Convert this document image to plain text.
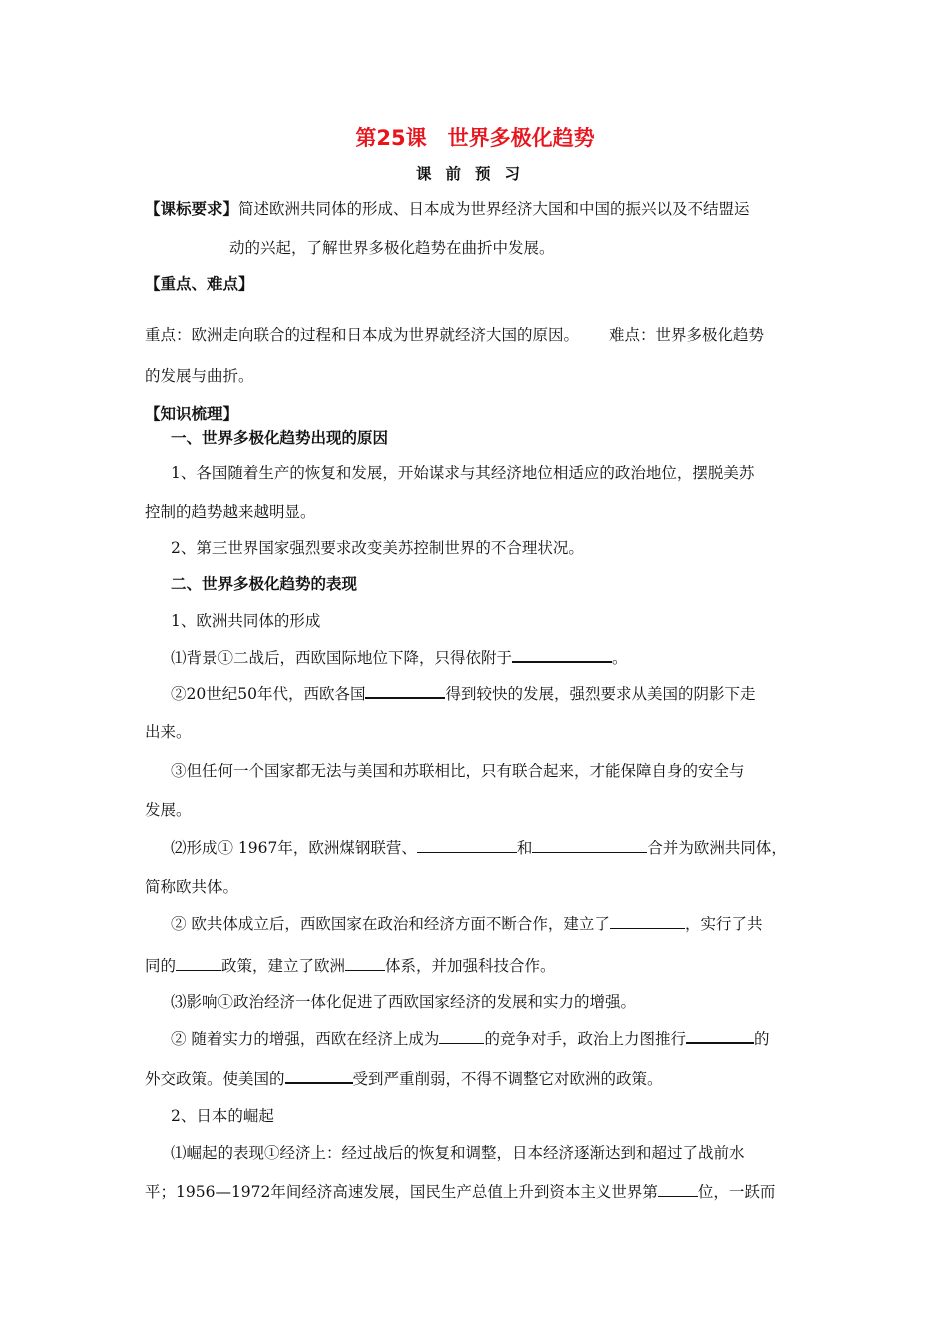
第25课　世界多极化趋势
课前预习
【课标要求】简述欧洲共同体的形成、日本成为世界经济大国和中国的振兴以及不结盟运
动的兴起，了解世界多极化趋势在曲折中发展。
【重点、难点】
重点：欧洲走向联合的过程和日本成为世界就经济大国的原因。 难点：世界多极化趋势
的发展与曲折。
【知识梳理】
一、世界多极化趋势出现的原因
1、各国随着生产的恢复和发展，开始谋求与其经济地位相适应的政治地位，摆脱美苏
控制的趋势越来越明显。
2、第三世界国家强烈要求改变美苏控制世界的不合理状况。
二、世界多极化趋势的表现
1、欧洲共同体的形成
⑴背景①二战后，西欧国际地位下降，只得依附于	。
②20世纪50年代，西欧各国	得到较快的发展，强烈要求从美国的阴影下走
出来。
③但任何一个国家都无法与美国和苏联相比，只有联合起来，才能保障自身的安全与
发展。
⑵形成① 1967年，欧洲煤钢联营、	和	合并为欧洲共同体，
简称欧共体。
② 欧共体成立后，西欧国家在政治和经济方面不断合作，建立了	，实行了共
同的	政策，建立了欧洲	体系，并加强科技合作。
⑶影响①政治经济一体化促进了西欧国家经济的发展和实力的增强。
② 随着实力的增强，西欧在经济上成为	的竞争对手，政治上力图推行	的
外交政策。使美国的	受到严重削弱，不得不调整它对欧洲的政策。
2、日本的崛起
⑴崛起的表现①经济上：经过战后的恢复和调整，日本经济逐渐达到和超过了战前水
平；1956—1972年间经济高速发展，国民生产总值上升到资本主义世界第	位，一跃而
